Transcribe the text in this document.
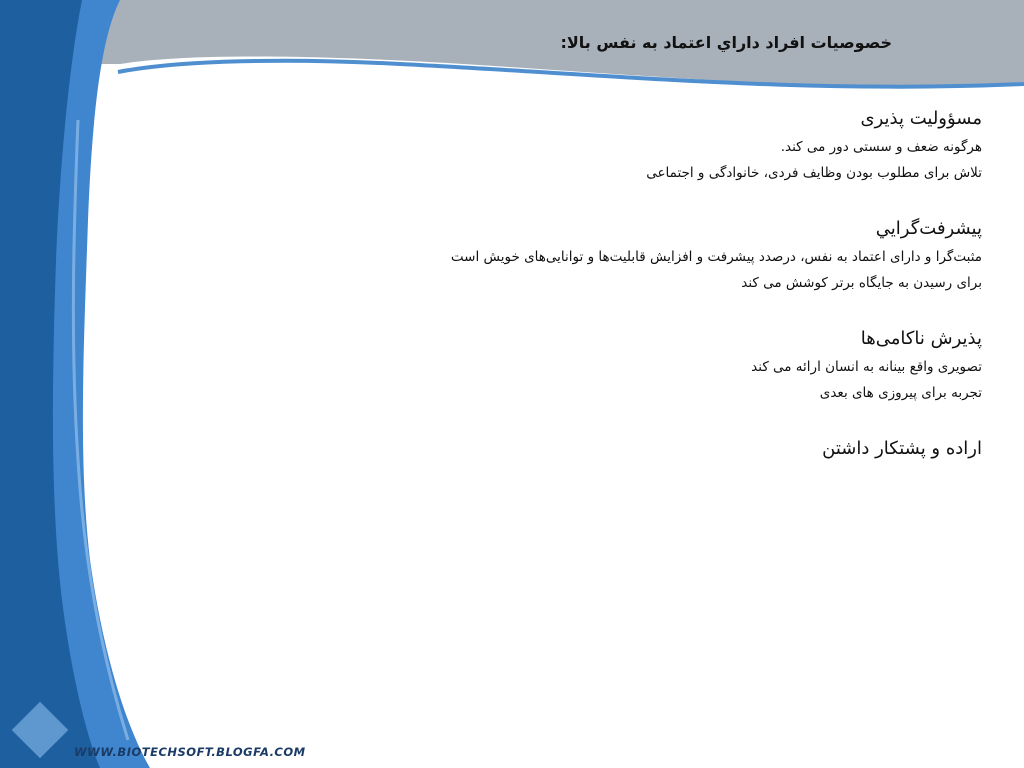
خصوصيات افراد داراي اعتماد به نفس بالا:
مسؤولیت پذیری
هرگونه ضعف و سستی دور می کند.
تلاش برای مطلوب بودن وظایف فردی، خانوادگی و اجتماعی
پيشرفت‌گرايي
مثبت‌گرا و دارای اعتماد به نفس، درصدد پیشرفت و افزایش قابلیت‌ها و توانایی‌های خویش است
برای رسیدن به جایگاه برتر کوشش می کند
پذیرش ناکامی‌ها
تصویری واقع بینانه به انسان ارائه می کند
تجربه برای پیروزی های بعدی
اراده و پشتکار داشتن
WWW.BIOTECHSOFT.BLOGFA.COM
